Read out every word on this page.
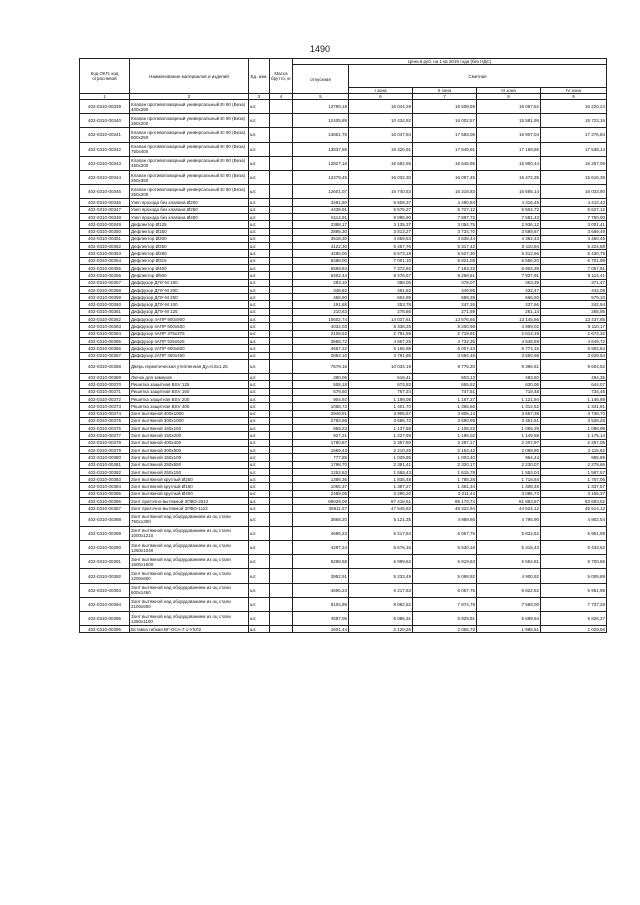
1490
Код ОКП, код отраслевой	Наименование материалов и изделий	Ед. изм.	Масса брутто, кг	Цена в руб. на 1 кв 2019 года (без НДС)				
				отпускная	Сметная			
					I зона	II зона	III зона	IV зона
1	2	3	4	5	6	7	8	9
402-0310-00339	Клапан противопожарный универсальный EI 90 (Веза) 400х250	шт.		12790,18	16 044,29	16 508,59	16 067,52	16 220,24
402-0310-00340	Клапан противопожарный универсальный EI 90 (Веза) 250х200	шт.		12405,89	10 434,92	16 002,57	15 581,95	15 723,16
402-0310-00341	Клапан противопожарный универсальный EI 90 (Веза) 800х250	шт.		13851,76	16 047,84	17 583,06	16 907,04	17 276,84
402-0310-00342	Клапан противопожарный универсальный EI 90 (Веза) 750х400	шт.		13837,95	18 320,91	17 849,91	17 158,66	17 538,14
402-0310-00343	Клапан противопожарный универсальный EI 90 (Веза) 450х200	шт.		12827,18	16 582,65	16 545,96	15 900,44	16 257,09
402-0310-00344	Клапан противопожарный универсальный EI 90 (Веза) 250х350	шт.		12479,45	16 032,30	16 097,45	15 472,35	15 616,39
402-0310-00345	Клапан противопожарный универсальный EI 90 (Веза) 350х200	шт.		12601,07	16 740,53	16 318,83	15 685,14	16 033,90
402-0310-00346	Узел прохода без клапана Ø200	шт.		3481,50	6 509,37	4 490,84	4 316,45	4 412,43
402-0310-00347	Узел прохода без клапана Ø250	шт.		4439,91	5 576,27	5 727,12	5 504,72	5 627,12
402-0310-00348	Узел прохода без клапана Ø400	шт.		6114,91	8 095,90	7 887,72	7 581,43	7 750,00
402-0310-00349	Дефлектор Ø125	шт.		2388,17	3 135,37	3 054,75	2 936,12	3 001,41
402-0310-00350	Дефлектор Ø160	шт.		2895,30	3 813,27	3 734,70	3 589,67	3 669,49
402-0310-00351	Дефлектор Ø200	шт.		3518,30	4 659,53	4 538,44	4 362,43	4 460,45
402-0310-00352	Дефлектор Ø250	шт.		4122,30	5 457,76	5 317,42	5 110,94	5 224,59
402-0310-00353	Дефлектор Ø280	шт.		4285,00	5 673,18	5 527,30	5 312,66	5 430,79
402-0310-00354	Дефлектор Ø315	шт.		5288,00	7 001,10	6 821,08	6 556,20	6 701,98
402-0310-00355	Дефлектор Ø400	шт.		5568,84	7 372,92	7 183,33	6 904,39	7 057,91
402-0310-00356	Дефлектор Ø500	шт.		6402,44	8 476,57	8 258,61	7 937,91	8 114,41
402-0310-00357	Диффузор ДПУ-М 160	шт.		293,10	388,05	378,07	363,39	371,47
402-0310-00358	Диффузор ДПУ-М 200	шт.		348,82	461,82	449,95	432,47	442,09
402-0310-00359	Диффузор ДПУ-М 250	шт.		456,90	604,95	589,39	566,50	579,10
402-0310-00360	Диффузор ДПУ-М 100	шт.		191,68	253,78	247,26	237,66	242,94
402-0310-00361	Диффузор ДПУ-М 125	шт.		210,63	278,86	271,69	261,14	266,95
402-0310-00362	Диффузор 4АПР 900х900	шт.		10602,74	14 037,61	13 676,65	13 145,56	13 437,85
402-0310-00363	Диффузор 4АПР 600х600	шт.		4032,03	5 338,25	5 200,98	4 999,02	5 110,17
402-0310-00364	Диффузор 4АПР 375х375	шт.		2108,52	2 791,59	2 719,81	2 614,19	2 672,32
402-0310-00365	Диффузор 4АПР 525х525	шт.		3668,72	4 857,25	4 732,35	4 548,59	4 649,72
402-0310-00366	Диффузор 2АПР 600х600	шт.		4657,22	6 165,98	6 007,43	5 774,15	5 902,54
402-0310-00367	Диффузор 2АПР 450х450	шт.		2864,10	3 791,95	3 694,45	3 550,98	3 629,94
402-0310-00368	Дверь герметическая утепленная Ду=0,5х1,25	шт.		7579,16	10 034,19	9 775,20	9 396,61	9 604,52
402-0310-00369	Лючок для замеров	шт.		390,06	516,41	503,13	483,60	494,35
402-0310-00370	Решетка защитная BSV 125	шт.		508,18	672,82	655,52	630,06	644,07
402-0310-00371	Решетка защитная BSV 160	шт.		579,50	767,24	747,51	718,48	734,46
402-0310-00372	Решетка защитная BSV 200	шт.		904,92	1 198,08	1 167,27	1 121,94	1 146,89
402-0310-00373	Решетка защитная BSV 400	шт.		1058,72	1 401,70	1 365,66	1 312,62	1 341,81
402-0310-00374	Зонт вытяжной 400х1000	шт.		2949,91	3 905,57	3 805,14	3 657,38	3 738,70
402-0310-00375	Зонт вытяжной 300х1000	шт.		2783,66	3 685,72	3 590,95	3 451,51	3 528,25
402-0310-00376	Зонт вытяжной 150х150	шт.		859,23	1 137,58	1 108,33	1 065,29	1 088,98
402-0310-00377	Зонт вытяжной 150х200	шт.		927,21	1 227,59	1 196,02	1 149,58	1 175,14
402-0310-00378	Зонт вытяжной 400х400	шт.		1780,87	2 357,80	2 297,17	2 207,97	2 257,06
402-0310-00379	Зонт вытяжной 300х500	шт.		1669,43	2 210,25	2 153,42	2 069,80	2 115,82
402-0310-00380	Зонт вытяжной 150х100	шт.		777,85	1 029,85	1 003,40	964,44	985,89
402-0310-00381	Зонт вытяжной 250х650	шт.		1798,70	2 381,41	2 320,17	2 230,07	2 279,66
402-0310-00382	Зонт вытяжной 250х150	шт.		1252,63	1 658,43	1 615,78	1 553,04	1 587,57
402-0310-00383	Зонт вытяжной круглый Ø250	шт.		1386,36	1 835,48	1 788,28	1 718,84	1 757,06
402-0310-00384	Зонт вытяжной круглый Ø160	шт.		1055,37	1 397,27	1 361,34	1 308,48	1 337,57
402-0310-00385	Зонт вытяжной круглый Ø400	шт.		2489,05	3 296,20	3 211,44	3 086,74	3 155,37
402-0310-00386	Зонт приточно-вытяжной ЗПВО-2512	шт.		66029,09	87 418,61	85 170,74	81 863,57	83 683,52
402-0310-00387	Зонт приточно-вытяжной ЗПВО-1112	шт.		35911,57	47 545,52	46 322,94	44 524,12	45 514,12
402-0310-00388	Зонт вытяжной над оборудованием из оц стали 750х1300	шт.		3868,20	5 121,35	4 989,66	4 795,90	4 902,54
402-0310-00389	Зонт вытяжной над оборудованием из оц стали 1000х1210	шт.		4696,23	6 217,63	6 057,75	5 822,52	5 951,98
402-0310-00390	Зонт вытяжной над оборудованием из оц стали 1250х1040	шт.		4287,24	5 676,15	5 530,18	5 315,43	5 433,62
402-0310-00391	Зонт вытяжной над оборудованием из оц стали 1600х1600	шт.		5288,58	6 999,62	6 819,63	6 554,81	6 700,56
402-0310-00392	Зонт вытяжной над оборудованием из оц стали 1200х600	шт.		3952,91	5 233,49	5 098,92	4 900,92	5 009,89
402-0310-00393	Зонт вытяжной над оборудованием из оц стали 600х1460	шт.		4696,23	6 217,63	6 057,75	5 822,52	5 951,98
402-0310-00394	Зонт вытяжной над оборудованием из оц стали 2100х600	шт.		6104,88	8 082,62	7 874,79	7 569,00	7 737,29
402-0310-00395	Зонт вытяжной над оборудованием из оц стали 1250х1100	шт.		4597,05	6 086,31	5 929,81	5 699,54	5 826,27
402-0310-00396	Вставка гибкая ВГ-ОСА-7.1-УХЛ2	шт.		1601,44	2 120,26	2 065,73	1 985,51	2 029,66
